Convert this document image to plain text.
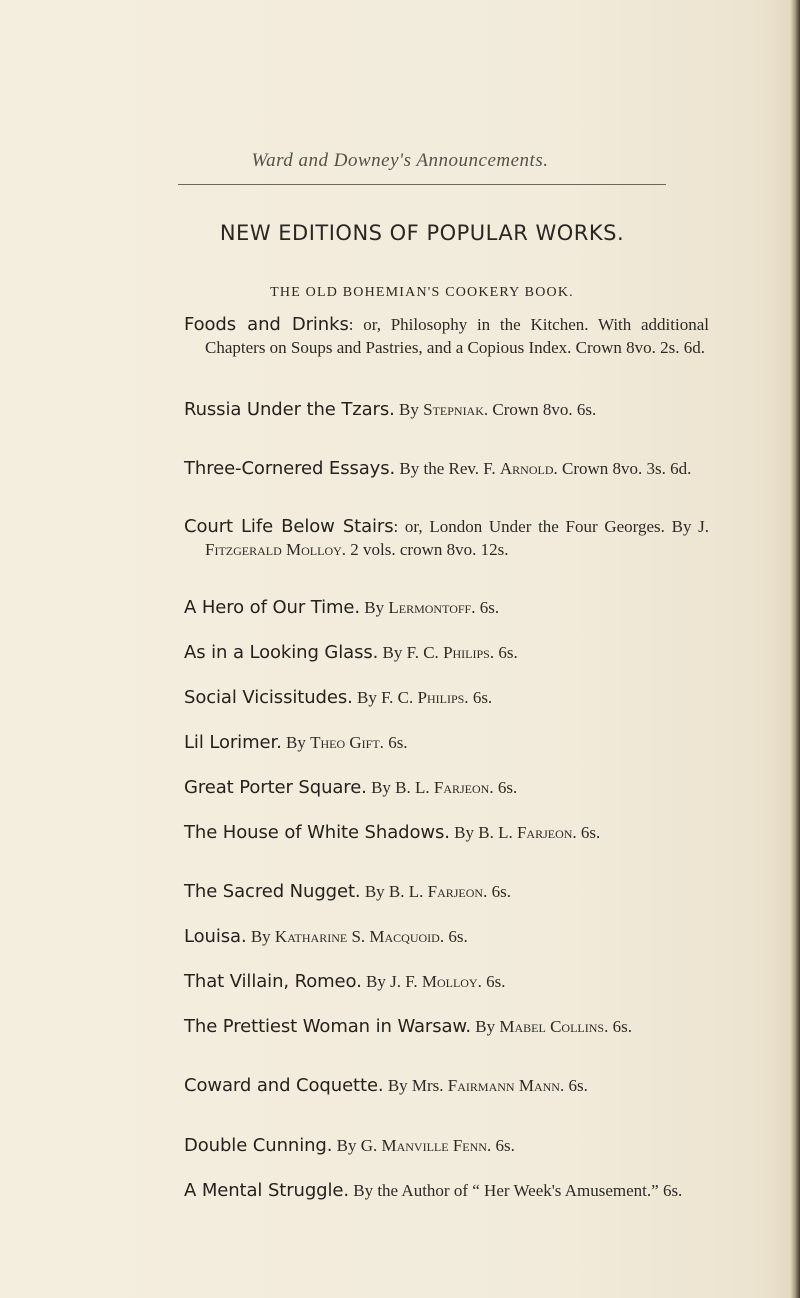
Ward and Downey's Announcements.
NEW EDITIONS OF POPULAR WORKS.
THE OLD BOHEMIAN'S COOKERY BOOK.
Foods and Drinks: or, Philosophy in the Kitchen. With additional Chapters on Soups and Pastries, and a Copious Index. Crown 8vo. 2s. 6d.
Russia Under the Tzars. By Stepniak. Crown 8vo. 6s.
Three-Cornered Essays. By the Rev. F. Arnold. Crown 8vo. 3s. 6d.
Court Life Below Stairs: or, London Under the Four Georges. By J. Fitzgerald Molloy. 2 vols. crown 8vo. 12s.
A Hero of Our Time. By Lermontoff. 6s.
As in a Looking Glass. By F. C. Philips. 6s.
Social Vicissitudes. By F. C. Philips. 6s.
Lil Lorimer. By Theo Gift. 6s.
Great Porter Square. By B. L. Farjeon. 6s.
The House of White Shadows. By B. L. Farjeon. 6s.
The Sacred Nugget. By B. L. Farjeon. 6s.
Louisa. By Katharine S. Macquoid. 6s.
That Villain, Romeo. By J. F. Molloy. 6s.
The Prettiest Woman in Warsaw. By Mabel Collins. 6s.
Coward and Coquette. By Mrs. Fairmann Mann. 6s.
Double Cunning. By G. Manville Fenn. 6s.
A Mental Struggle. By the Author of “ Her Week's Amusement.” 6s.
